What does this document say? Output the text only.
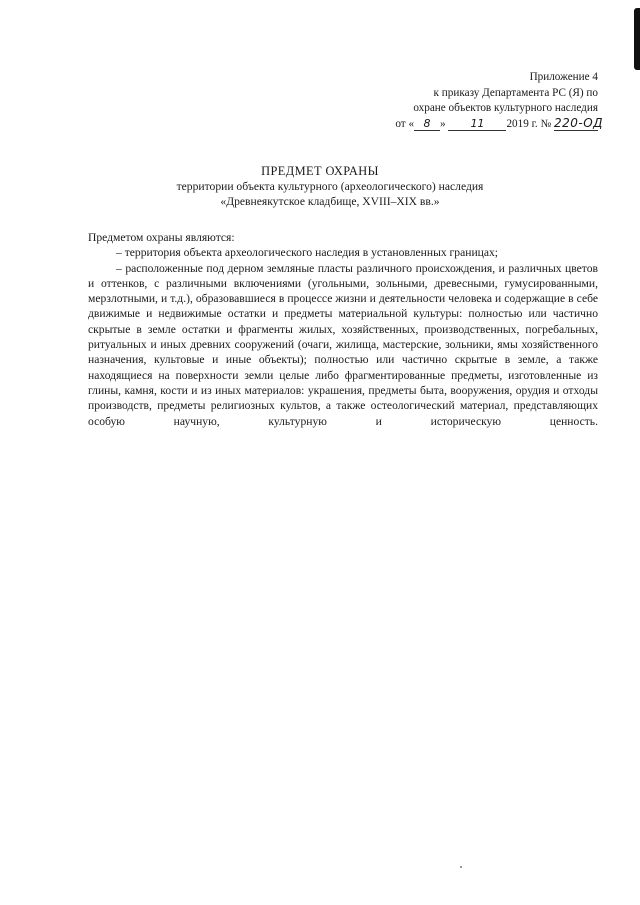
Приложение 4
к приказу Департамента РС (Я) по
охране объектов культурного наследия
от « 8 » 11 2019 г. № 220-ОД
ПРЕДМЕТ ОХРАНЫ
территории объекта культурного (археологического) наследия
«Древнеякутское кладбище, XVIII–XIX вв.»

Предметом охраны являются:

– территория объекта археологического наследия в установленных границах;

– расположенные под дерном земляные пласты различного происхождения, и различных цветов и оттенков, с различными включениями (угольными, зольными, древесными, гумусированными, мерзлотными, и т.д.), образовавшиеся в процессе жизни и деятельности человека и содержащие в себе движимые и недвижимые остатки и предметы материальной культуры: полностью или частично скрытые в земле остатки и фрагменты жилых, хозяйственных, производственных, погребальных, ритуальных и иных древних сооружений (очаги, жилища, мастерские, зольники, ямы хозяйственного назначения, культовые и иные объекты); полностью или частично скрытые в земле, а также находящиеся на поверхности земли целые либо фрагментированные предметы, изготовленные из глины, камня, кости и из иных материалов: украшения, предметы быта, вооружения, орудия и отходы производств, предметы религиозных культов, а также остеологический материал, представляющих особую научную, культурную и историческую ценность.
